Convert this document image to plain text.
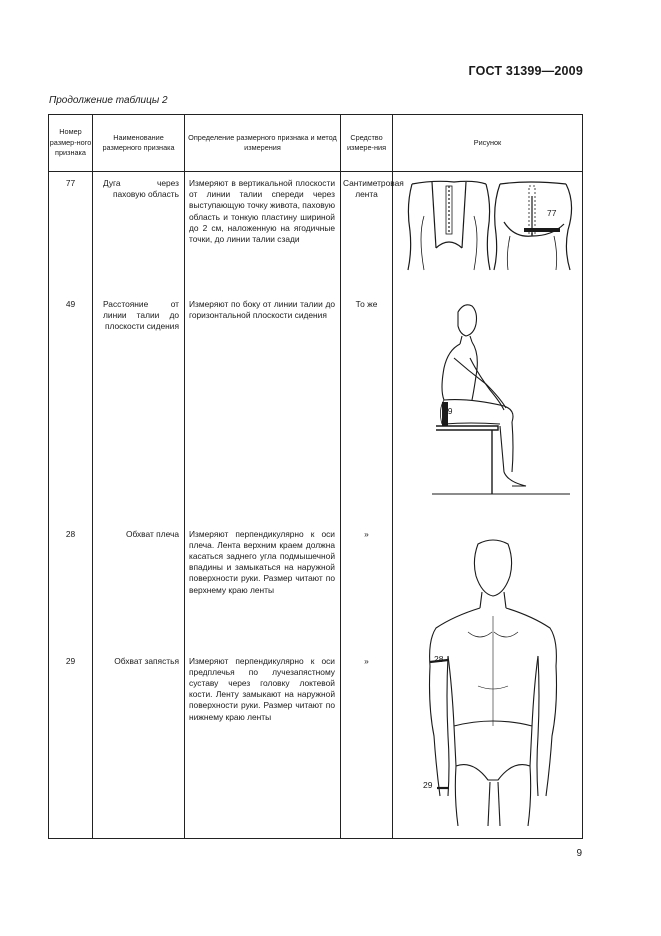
ГОСТ 31399—2009
Продолжение таблицы 2
Номер размер-ного признака	Наименование размерного признака	Определение размерного признака и метод измерения	Средство измере-ния	Рисунок
77	Дуга через паховую область	Измеряют в вертикальной плоскости от линии талии спереди через выступающую точку живота, паховую область и тонкую пластину шириной до 2 см, наложенную на ягодичные точки, до линии талии сзади	Сантиметровая лента	
49	Расстояние от линии талии до плоскости сидения	Измеряют по боку от линии талии до горизонтальной плоскости сидения	То же	
28	Обхват плеча	Измеряют перпендикулярно к оси плеча. Лента верхним краем должна касаться заднего угла подмышечной впадины и замыкаться на наружной поверхности руки. Размер читают по верхнему краю ленты	»	
29	Обхват запястья	Измеряют перпендикулярно к оси предплечья по лучезапястному суставу через головку локтевой кости. Ленту замыкают на наружной поверхности руки. Размер читают по нижнему краю ленты	»	
77
49
28
29
9
